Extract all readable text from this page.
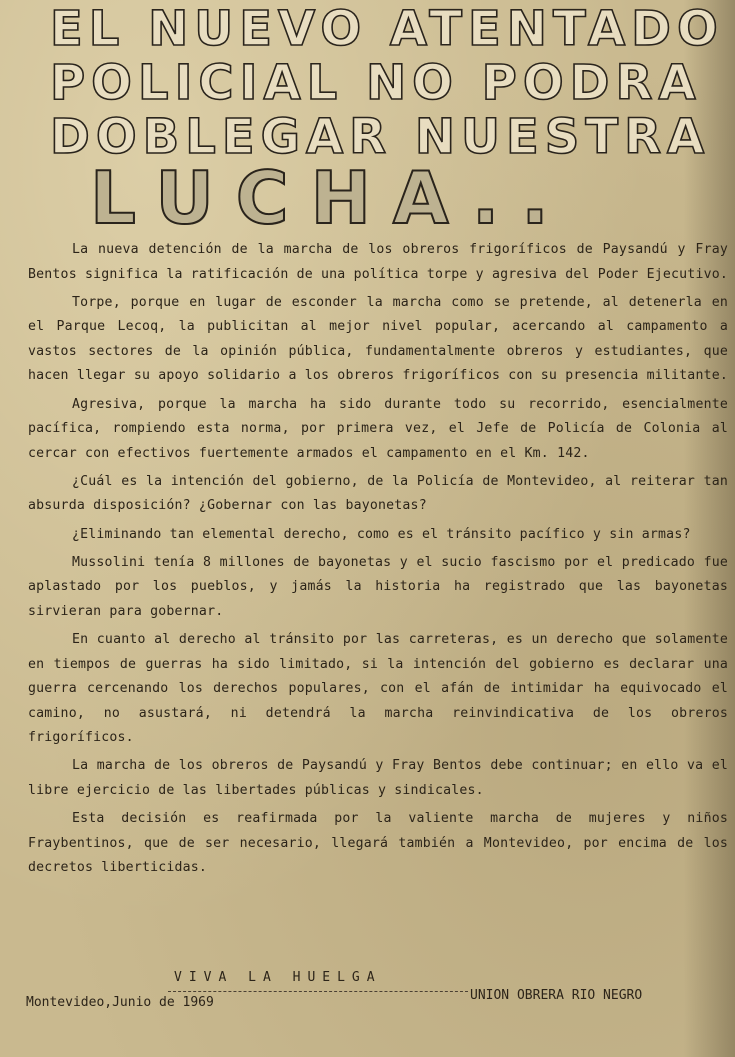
EL NUEVO ATENTADO
POLICIAL NO PODRA
DOBLEGAR NUESTRA
LUCHA..

La nueva detención de la marcha de los obreros frigoríficos de Paysandú y Fray Bentos significa la ratificación de una política torpe y agresiva del Poder Ejecutivo.

Torpe, porque en lugar de esconder la marcha como se pretende, al detenerla en el Parque Lecoq, la publicitan al mejor nivel popular, acercando al campamento a vastos sectores de la opinión pública, fundamentalmente obreros y estudiantes, que hacen llegar su apoyo solidario a los obreros frigoríficos con su presencia militante.

Agresiva, porque la marcha ha sido durante todo su recorrido, esencialmente pacífica, rompiendo esta norma, por primera vez, el Jefe de Policía de Colonia al cercar con efectivos fuertemente armados el campamento en el Km. 142.

¿Cuál es la intención del gobierno, de la Policía de Montevideo, al reiterar tan absurda disposición? ¿Gobernar con las bayonetas?

¿Eliminando tan elemental derecho, como es el tránsito pacífico y sin armas?

Mussolini tenía 8 millones de bayonetas y el sucio fascismo por el predicado fue aplastado por los pueblos, y jamás la historia ha registrado que las bayonetas sirvieran para gobernar.

En cuanto al derecho al tránsito por las carreteras, es un derecho que solamente en tiempos de guerras ha sido limitado, si la intención del gobierno es declarar una guerra cercenando los derechos populares, con el afán de intimidar ha equivocado el camino, no asustará, ni detendrá la marcha reinvindicativa de los obreros frigoríficos.

La marcha de los obreros de Paysandú y Fray Bentos debe continuar; en ello va el libre ejercicio de las libertades públicas y sindicales.

Esta decisión es reafirmada por la valiente marcha de mujeres y niños Fraybentinos, que de ser necesario, llegará también a Montevideo, por encima de los decretos liberticidas.

VIVA LA HUELGA
Montevideo,Junio de 1969	UNION OBRERA RIO NEGRO
